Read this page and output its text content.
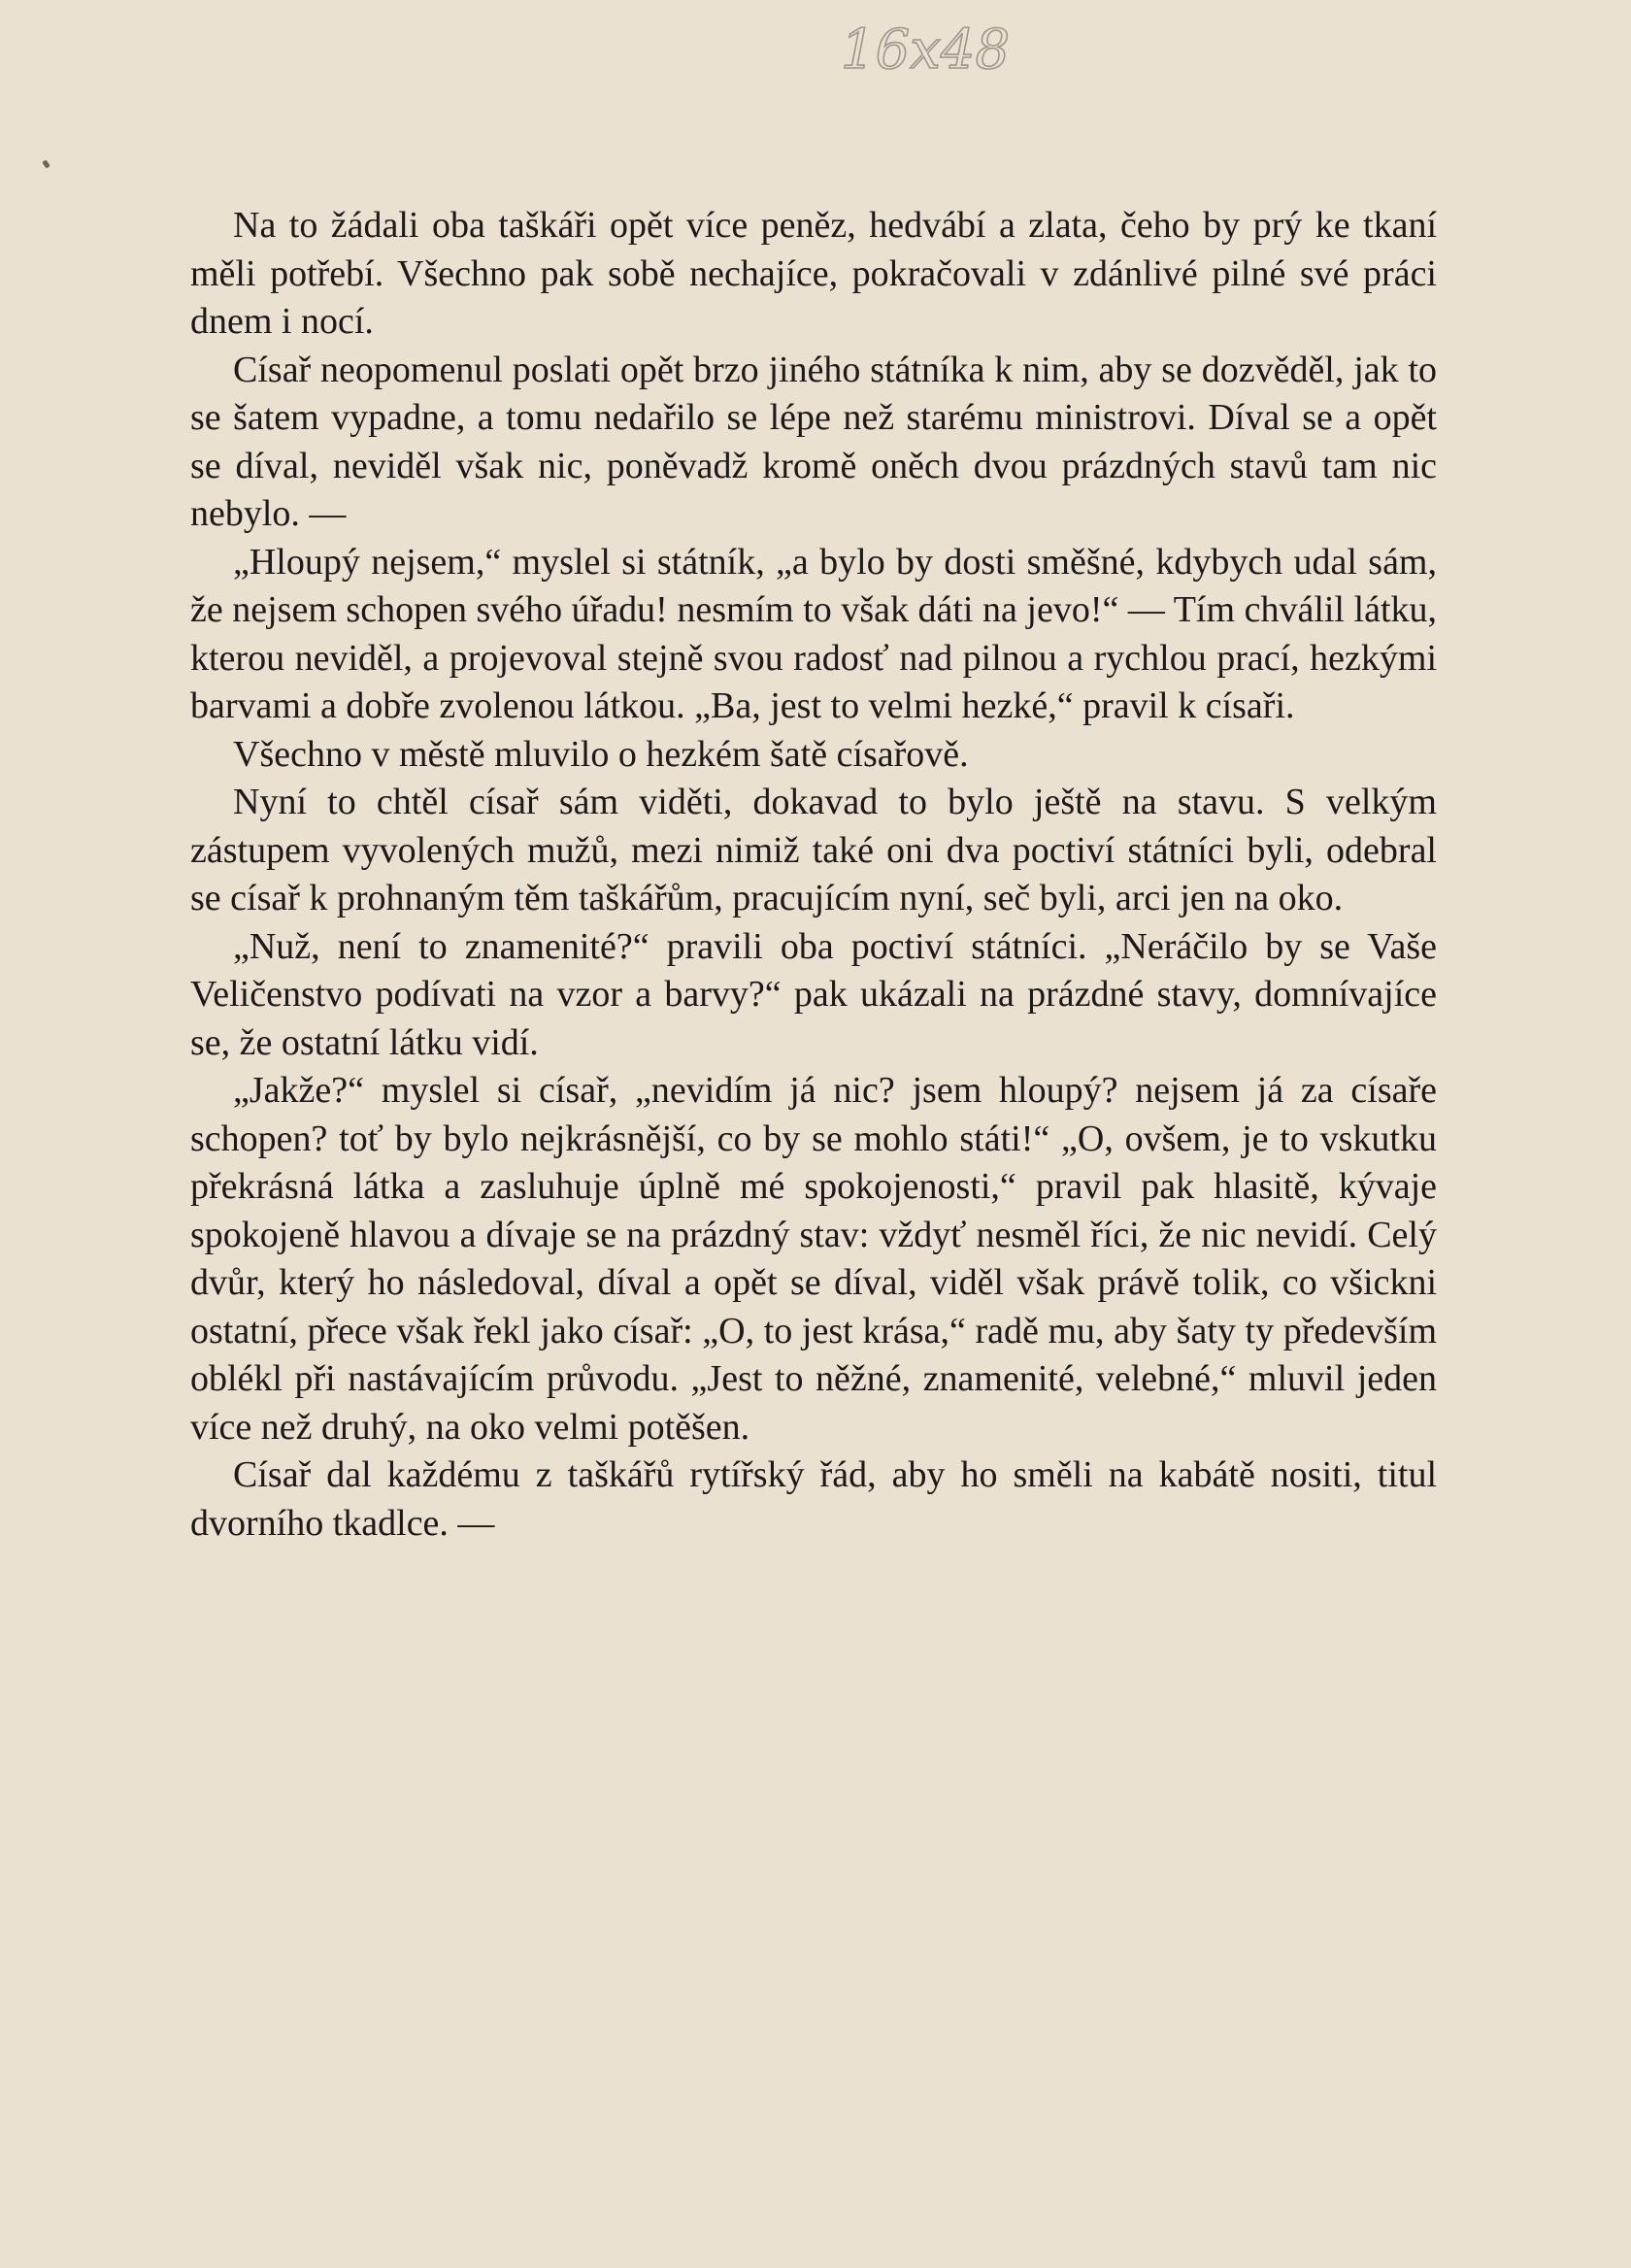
16x48

Na to žádali oba taškáři opět více peněz, hedvábí a zlata, čeho by prý ke tkaní měli potřebí. Všechno pak sobě nechajíce, pokračovali v zdánlivé pilné své práci dnem i nocí.

Císař neopomenul poslati opět brzo jiného státníka k nim, aby se dozvěděl, jak to se šatem vypadne, a tomu nedařilo se lépe než starému ministrovi. Díval se a opět se díval, neviděl však nic, poněvadž kromě oněch dvou prázdných stavů tam nic nebylo. —

„Hloupý nejsem,“ myslel si státník, „a bylo by dosti směšné, kdybych udal sám, že nejsem schopen svého úřadu! nesmím to však dáti na jevo!“ — Tím chválil látku, kterou neviděl, a projevoval stejně svou radosť nad pilnou a rychlou prací, hezkými barvami a dobře zvolenou látkou. „Ba, jest to velmi hezké,“ pravil k císaři.

Všechno v městě mluvilo o hezkém šatě císařově.

Nyní to chtěl císař sám viděti, dokavad to bylo ještě na stavu. S velkým zástupem vyvolených mužů, mezi nimiž také oni dva poctiví státníci byli, odebral se císař k prohnaným těm taškářům, pracujícím nyní, seč byli, arci jen na oko.

„Nuž, není to znamenité?“ pravili oba poctiví státníci. „Neráčilo by se Vaše Veličenstvo podívati na vzor a barvy?“ pak ukázali na prázdné stavy, domnívajíce se, že ostatní látku vidí.

„Jakže?“ myslel si císař, „nevidím já nic? jsem hloupý? nejsem já za císaře schopen? toť by bylo nejkrásnější, co by se mohlo státi!“ „O, ovšem, je to vskutku překrásná látka a zasluhuje úplně mé spokojenosti,“ pravil pak hlasitě, kývaje spokojeně hlavou a dívaje se na prázdný stav: vždyť nesměl říci, že nic nevidí. Celý dvůr, který ho následoval, díval a opět se díval, viděl však právě tolik, co všickni ostatní, přece však řekl jako císař: „O, to jest krása,“ radě mu, aby šaty ty především oblékl při nastávajícím průvodu. „Jest to něžné, znamenité, velebné,“ mluvil jeden více než druhý, na oko velmi potěšen.

Císař dal každému z taškářů rytířský řád, aby ho směli na kabátě nositi, titul dvorního tkadlce. —
